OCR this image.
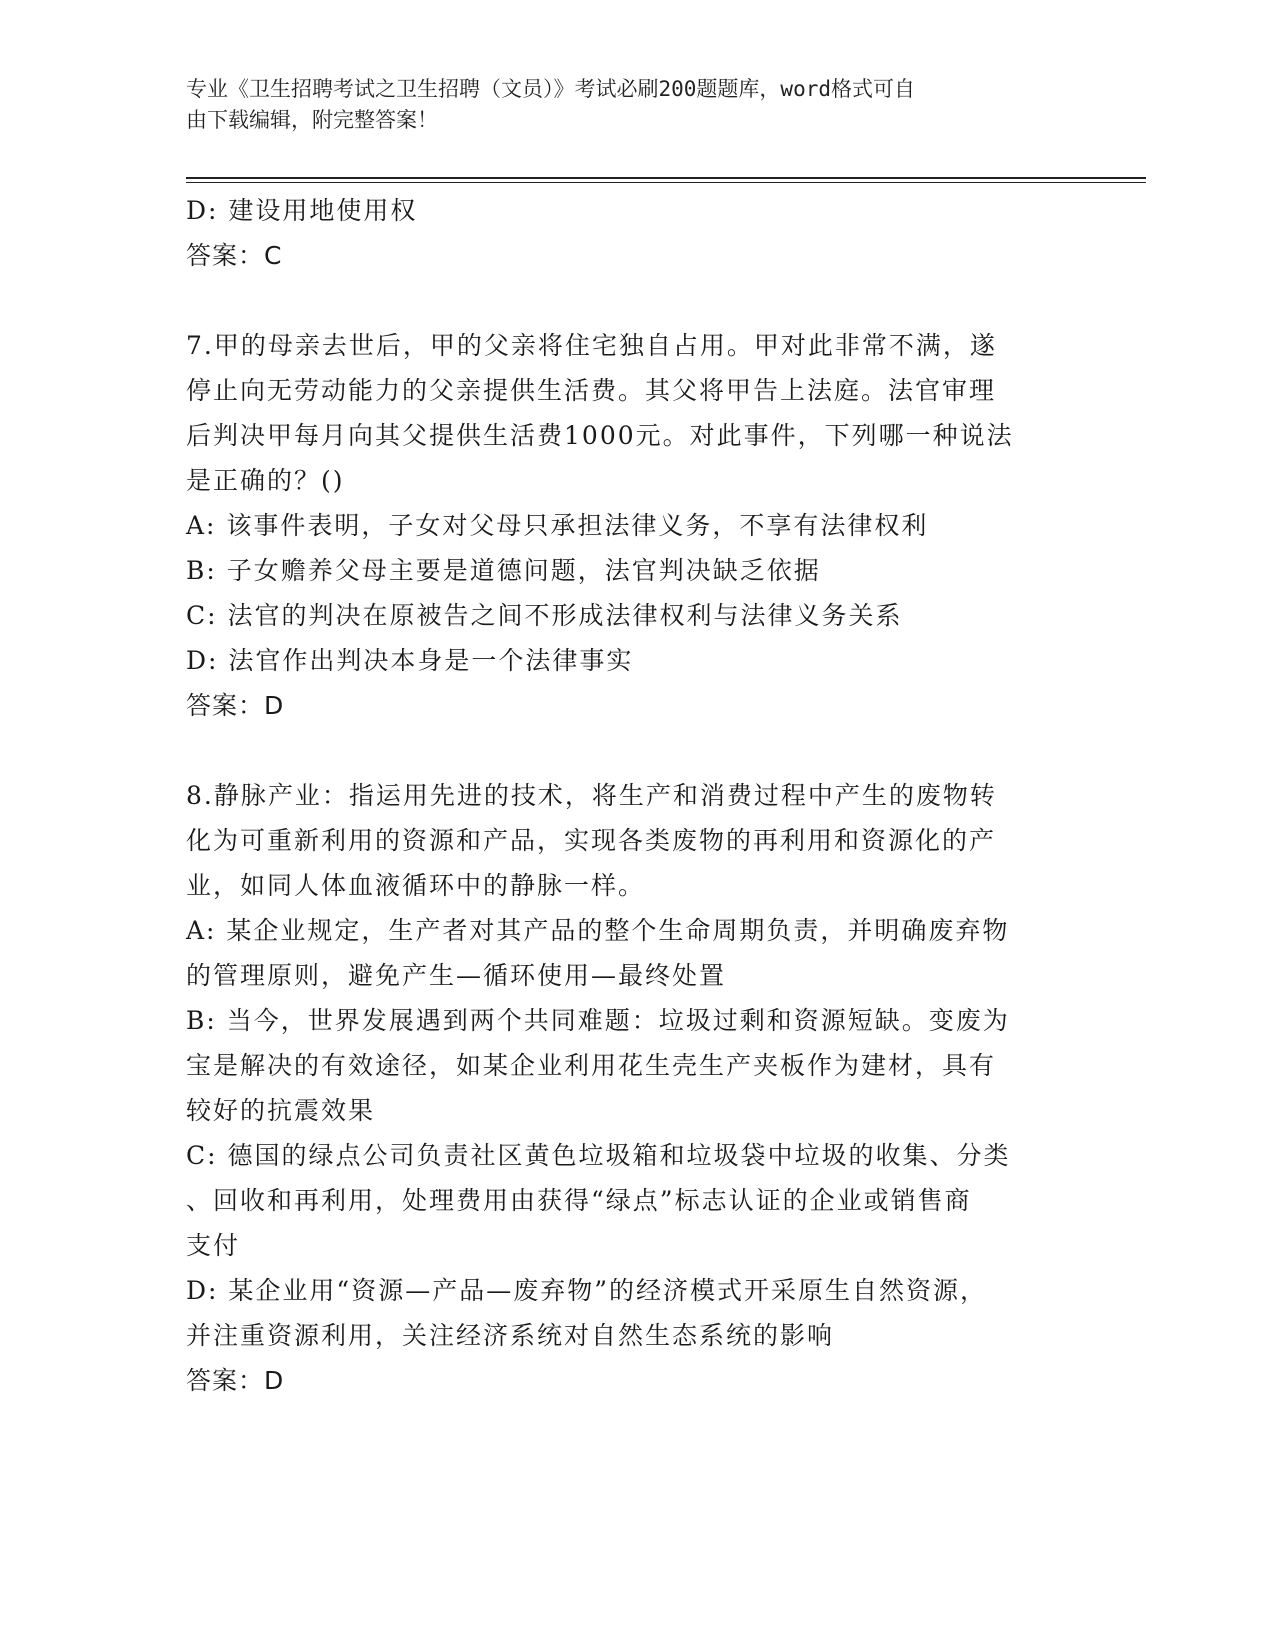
专业《卫生招聘考试之卫生招聘（文员）》考试必刷200题题库，word格式可自
由下载编辑，附完整答案！
D: 建设用地使用权
答案：C
7.甲的母亲去世后，甲的父亲将住宅独自占用。甲对此非常不满，遂
停止向无劳动能力的父亲提供生活费。其父将甲告上法庭。法官审理
后判决甲每月向其父提供生活费1000元。对此事件，下列哪一种说法
是正确的？()
A: 该事件表明，子女对父母只承担法律义务，不享有法律权利
B: 子女赡养父母主要是道德问题，法官判决缺乏依据
C: 法官的判决在原被告之间不形成法律权利与法律义务关系
D: 法官作出判决本身是一个法律事实
答案：D
8.静脉产业：指运用先进的技术，将生产和消费过程中产生的废物转
化为可重新利用的资源和产品，实现各类废物的再利用和资源化的产
业，如同人体血液循环中的静脉一样。
A: 某企业规定，生产者对其产品的整个生命周期负责，并明确废弃物
的管理原则，避免产生—循环使用—最终处置
B: 当今，世界发展遇到两个共同难题：垃圾过剩和资源短缺。变废为
宝是解决的有效途径，如某企业利用花生壳生产夹板作为建材，具有
较好的抗震效果
C: 德国的绿点公司负责社区黄色垃圾箱和垃圾袋中垃圾的收集、分类
、回收和再利用，处理费用由获得“绿点”标志认证的企业或销售商
支付
D: 某企业用“资源—产品—废弃物”的经济模式开采原生自然资源，
并注重资源利用，关注经济系统对自然生态系统的影响
答案：D
